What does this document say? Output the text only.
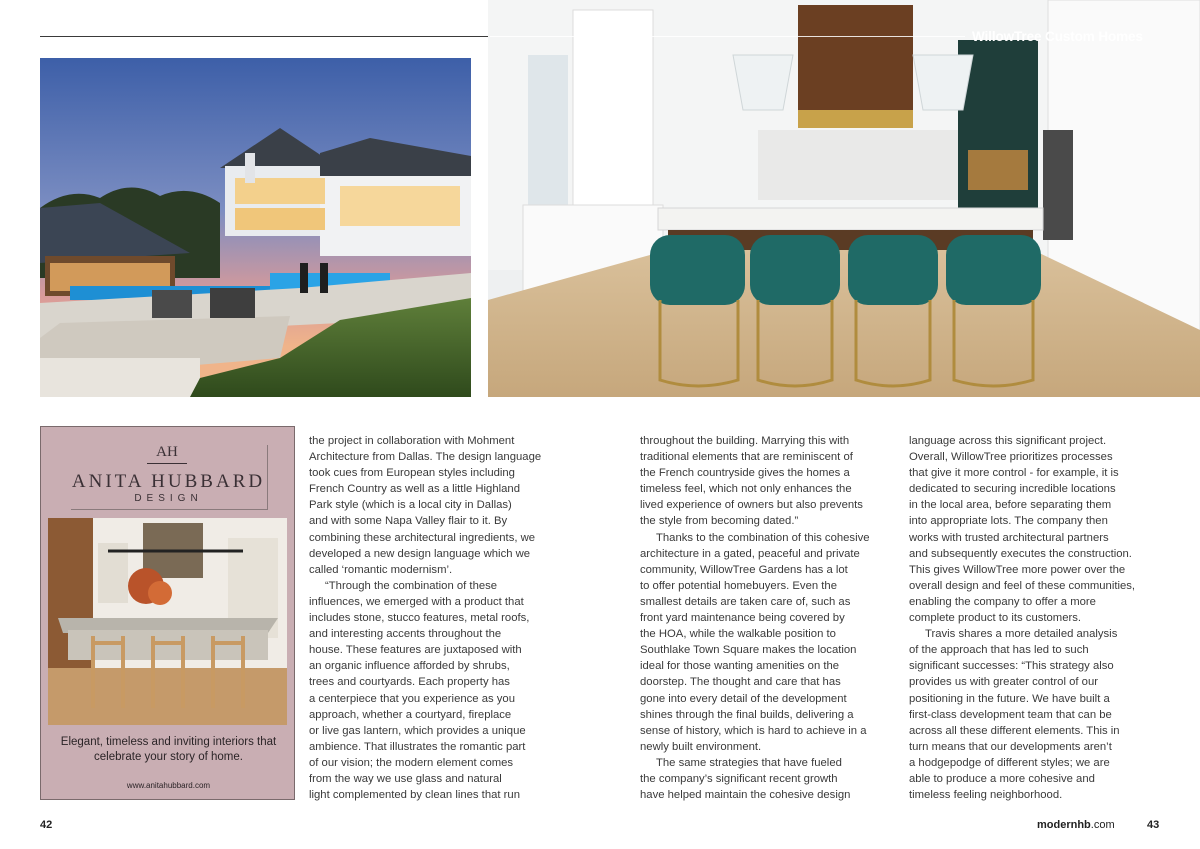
WillowTree Custom Homes
AH
ANITA HUBBARD
DESIGN
Elegant, timeless and inviting interiors that
celebrate your story of home.
www.anitahubbard.com

the project in collaboration with Mohment

Architecture from Dallas. The design language

took cues from European styles including

French Country as well as a little Highland

Park style (which is a local city in Dallas)

and with some Napa Valley flair to it. By

combining these architectural ingredients, we

developed a new design language which we

called ‘romantic modernism’.

“Through the combination of these

influences, we emerged with a product that

includes stone, stucco features, metal roofs,

and interesting accents throughout the

house. These features are juxtaposed with

an organic influence afforded by shrubs,

trees and courtyards. Each property has

a centerpiece that you experience as you

approach, whether a courtyard, fireplace

or live gas lantern, which provides a unique

ambience. That illustrates the romantic part

of our vision; the modern element comes

from the way we use glass and natural

light complemented by clean lines that run

throughout the building. Marrying this with

traditional elements that are reminiscent of

the French countryside gives the homes a

timeless feel, which not only enhances the

lived experience of owners but also prevents

the style from becoming dated.”

Thanks to the combination of this cohesive

architecture in a gated, peaceful and private

community, WillowTree Gardens has a lot

to offer potential homebuyers. Even the

smallest details are taken care of, such as

front yard maintenance being covered by

the HOA, while the walkable position to

Southlake Town Square makes the location

ideal for those wanting amenities on the

doorstep. The thought and care that has

gone into every detail of the development

shines through the final builds, delivering a

sense of history, which is hard to achieve in a

newly built environment.

The same strategies that have fueled

the company’s significant recent growth

have helped maintain the cohesive design

language across this significant project.

Overall, WillowTree prioritizes processes

that give it more control - for example, it is

dedicated to securing incredible locations

in the local area, before separating them

into appropriate lots. The company then

works with trusted architectural partners

and subsequently executes the construction.

This gives WillowTree more power over the

overall design and feel of these communities,

enabling the company to offer a more

complete product to its customers.

Travis shares a more detailed analysis

of the approach that has led to such

significant successes: “This strategy also

provides us with greater control of our

positioning in the future. We have built a

first-class development team that can be

across all these different elements. This in

turn means that our developments aren’t

a hodgepodge of different styles; we are

able to produce a more cohesive and

timeless feeling neighborhood.

42	modernhb.com	43
